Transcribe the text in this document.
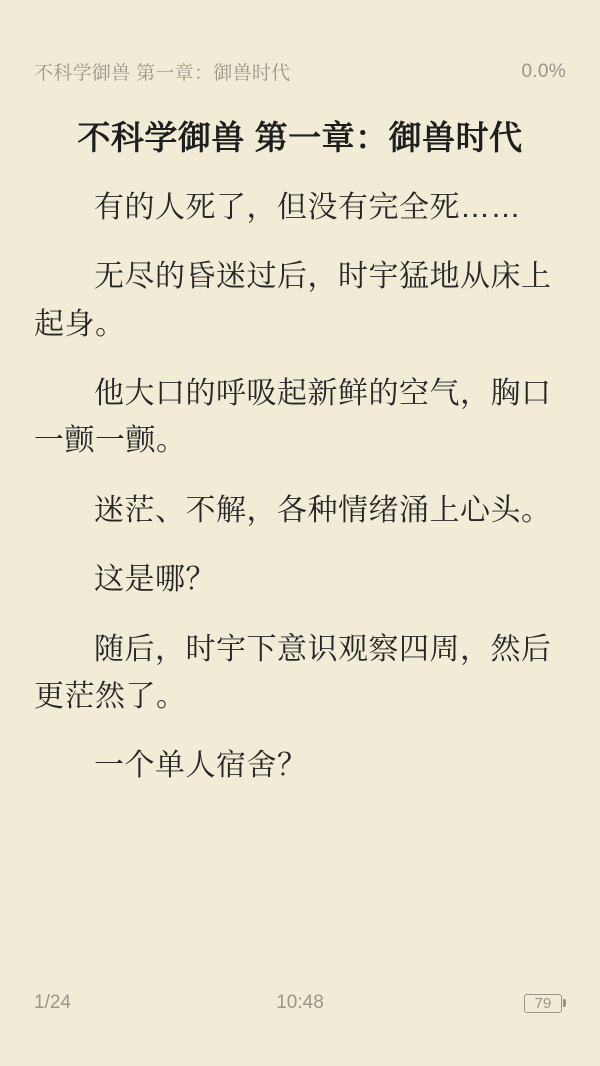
不科学御兽 第一章：御兽时代	0.0%
不科学御兽 第一章：御兽时代

有的人死了，但没有完全死……

无尽的昏迷过后，时宇猛地从床上起身。

他大口的呼吸起新鲜的空气，胸口一颤一颤。

迷茫、不解，各种情绪涌上心头。

这是哪？

随后，时宇下意识观察四周，然后更茫然了。

一个单人宿舍？

1/24	10:48	79
